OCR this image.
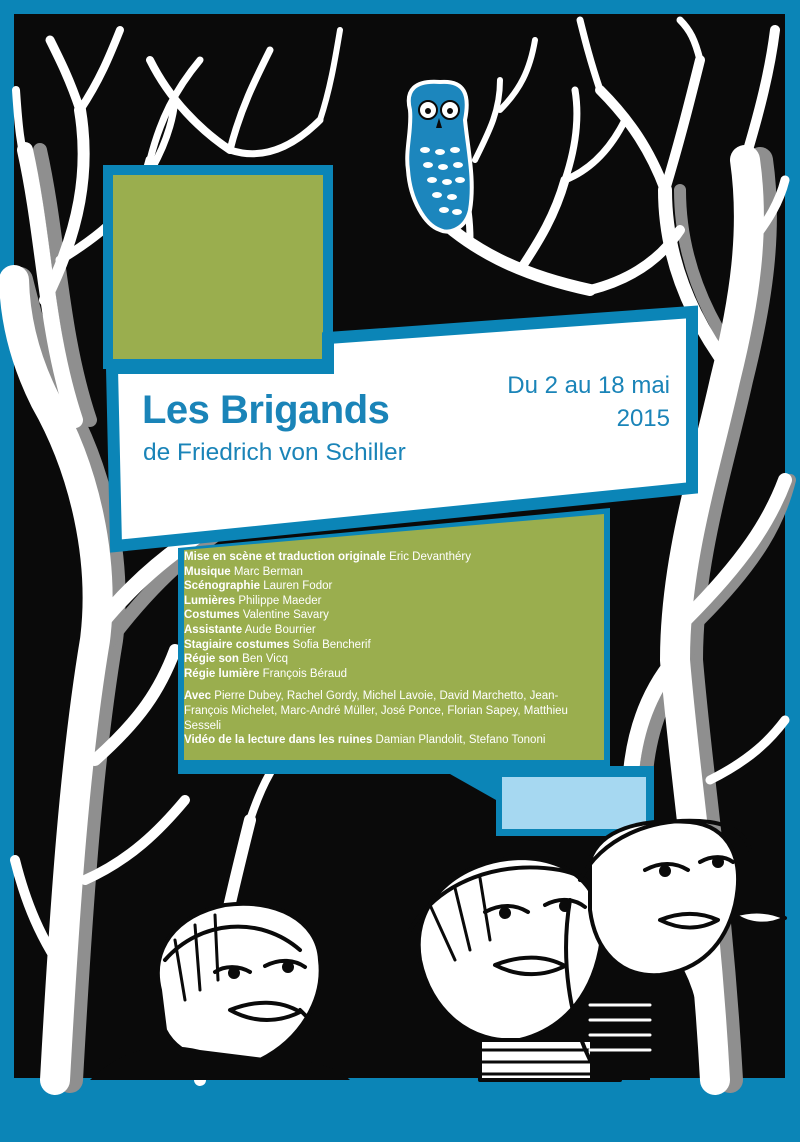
Les Brigands

de Friedrich von Schiller

Du 2 au 18 mai
2015
Mise en scène et traduction originale Eric Devanthéry
Musique Marc Berman
Scénographie Lauren Fodor
Lumières Philippe Maeder
Costumes Valentine Savary
Assistante Aude Bourrier
Stagiaire costumes Sofia Bencherif
Régie son Ben Vicq
Régie lumière François Béraud
Avec Pierre Dubey, Rachel Gordy, Michel Lavoie, David Marchetto, Jean-François Michelet, Marc-André Müller, José Ponce, Florian Sapey, Matthieu Sesseli
Vidéo de la lecture dans les ruines Damian Plandolit, Stefano Tononi
